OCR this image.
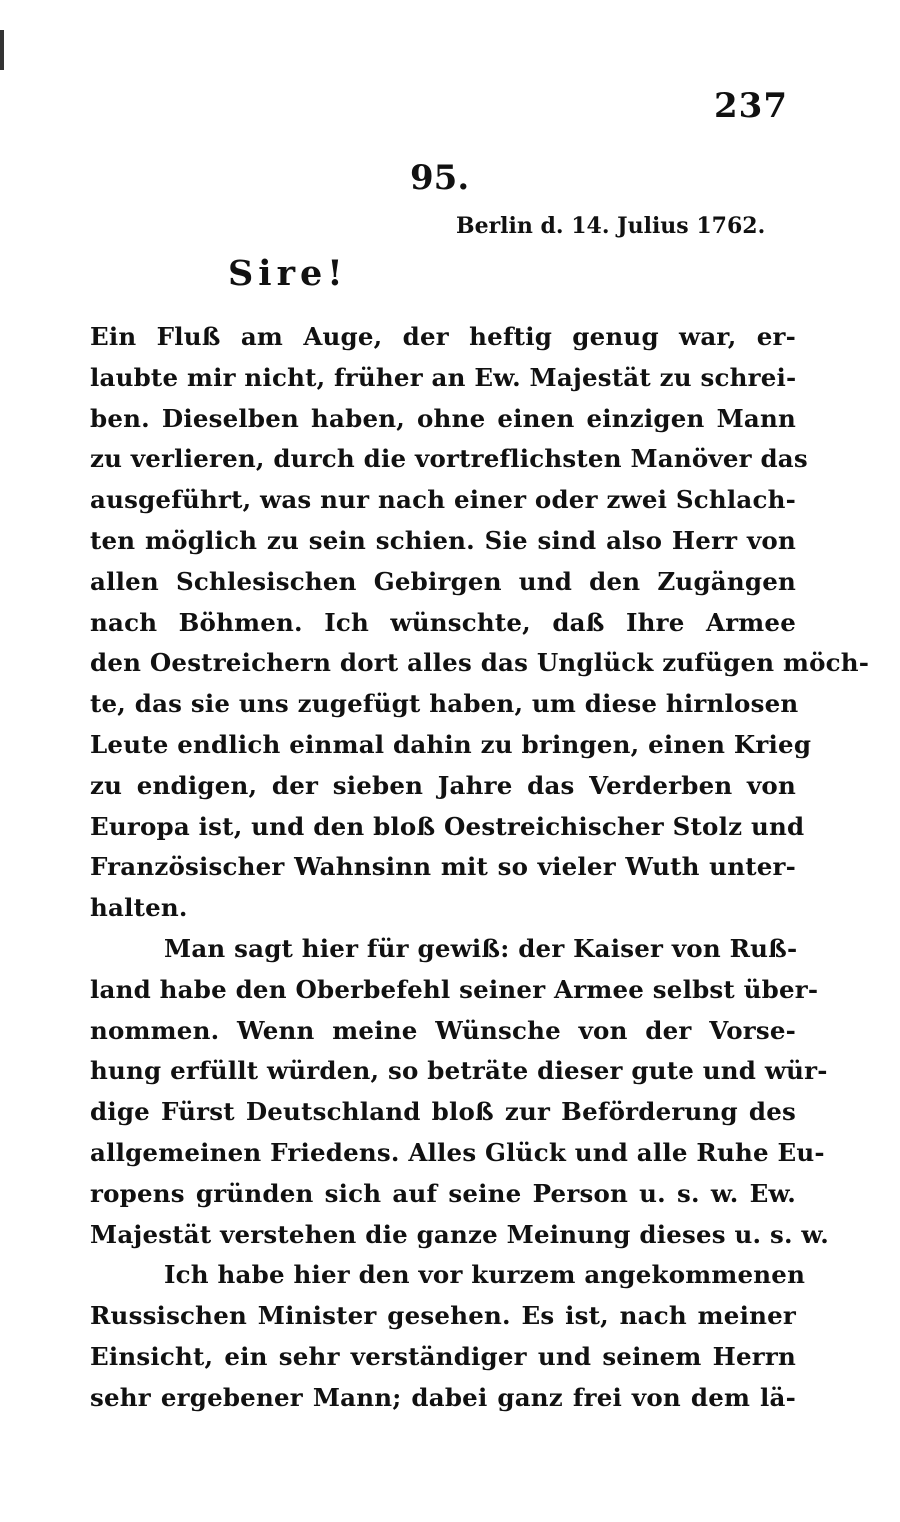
237
95.
Berlin d. 14. Julius 1762.
Sire!
Ein Fluß am Auge, der heftig genug war, er-
laubte mir nicht, früher an Ew. Majestät zu schrei-
ben. Dieselben haben, ohne einen einzigen Mann
zu verlieren, durch die vortreflichsten Manöver das
ausgeführt, was nur nach einer oder zwei Schlach-
ten möglich zu sein schien. Sie sind also Herr von
allen Schlesischen Gebirgen und den Zugängen
nach Böhmen. Ich wünschte, daß Ihre Armee
den Oestreichern dort alles das Unglück zufügen möch-
te, das sie uns zugefügt haben, um diese hirnlosen
Leute endlich einmal dahin zu bringen, einen Krieg
zu endigen, der sieben Jahre das Verderben von
Europa ist, und den bloß Oestreichischer Stolz und
Französischer Wahnsinn mit so vieler Wuth unter-
halten.
Man sagt hier für gewiß: der Kaiser von Ruß-
land habe den Oberbefehl seiner Armee selbst über-
nommen. Wenn meine Wünsche von der Vorse-
hung erfüllt würden, so beträte dieser gute und wür-
dige Fürst Deutschland bloß zur Beförderung des
allgemeinen Friedens. Alles Glück und alle Ruhe Eu-
ropens gründen sich auf seine Person u. s. w. Ew.
Majestät verstehen die ganze Meinung dieses u. s. w.
Ich habe hier den vor kurzem angekommenen
Russischen Minister gesehen. Es ist, nach meiner
Einsicht, ein sehr verständiger und seinem Herrn
sehr ergebener Mann; dabei ganz frei von dem lä-
